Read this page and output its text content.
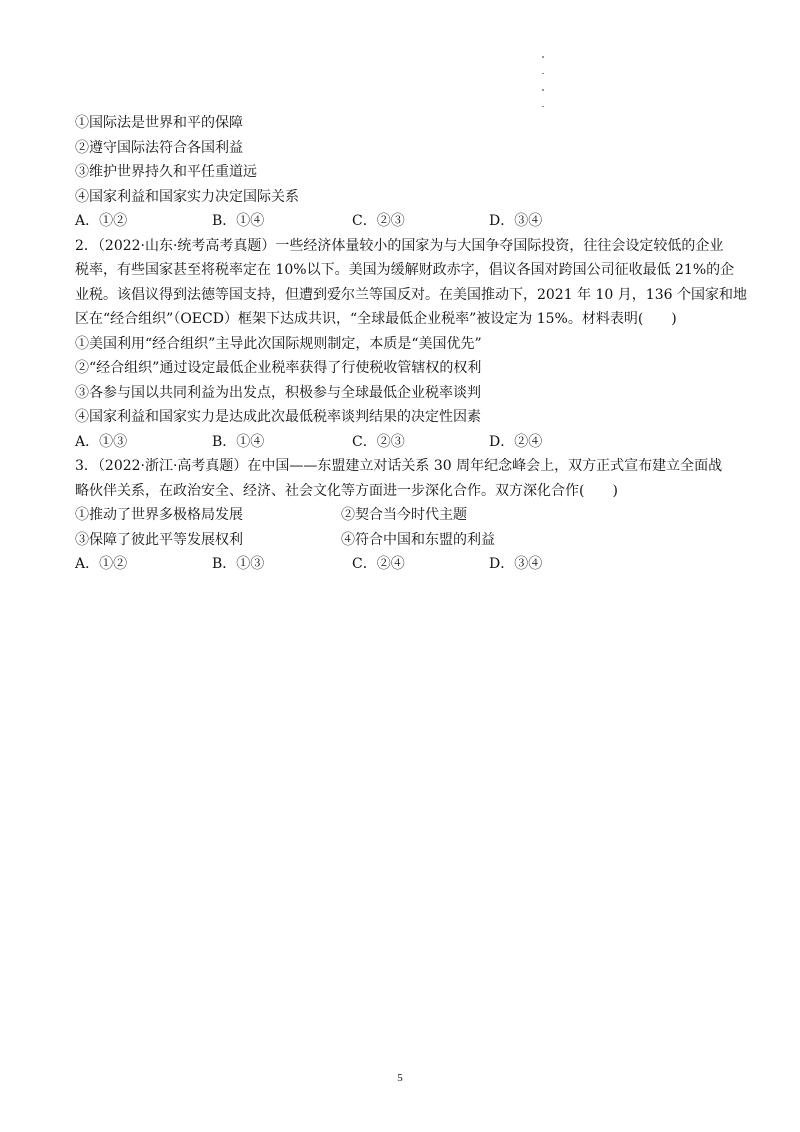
①国际法是世界和平的保障
②遵守国际法符合各国利益
③维护世界持久和平任重道远
④国家利益和国家实力决定国际关系
A．①②	B．①④	C．②③	D．③④
2．（2022·山东·统考高考真题）一些经济体量较小的国家为与大国争夺国际投资，往往会设定较低的企业
税率，有些国家甚至将税率定在 10%以下。美国为缓解财政赤字，倡议各国对跨国公司征收最低 21%的企
业税。该倡议得到法德等国支持，但遭到爱尔兰等国反对。在美国推动下，2021 年 10 月，136 个国家和地
区在“经合组织”（OECD）框架下达成共识，“全球最低企业税率”被设定为 15%。材料表明(　　)
①美国利用“经合组织”主导此次国际规则制定，本质是“美国优先”
②“经合组织”通过设定最低企业税率获得了行使税收管辖权的权利
③各参与国以共同利益为出发点，积极参与全球最低企业税率谈判
④国家利益和国家实力是达成此次最低税率谈判结果的决定性因素
A．①③	B．①④	C．②③	D．②④
3．（2022·浙江·高考真题）在中国——东盟建立对话关系 30 周年纪念峰会上，双方正式宣布建立全面战
略伙伴关系，在政治安全、经济、社会文化等方面进一步深化合作。双方深化合作(　　)
①推动了世界多极格局发展	②契合当今时代主题
③保障了彼此平等发展权利	④符合中国和东盟的利益
A．①②	B．①③	C．②④	D．③④
5
